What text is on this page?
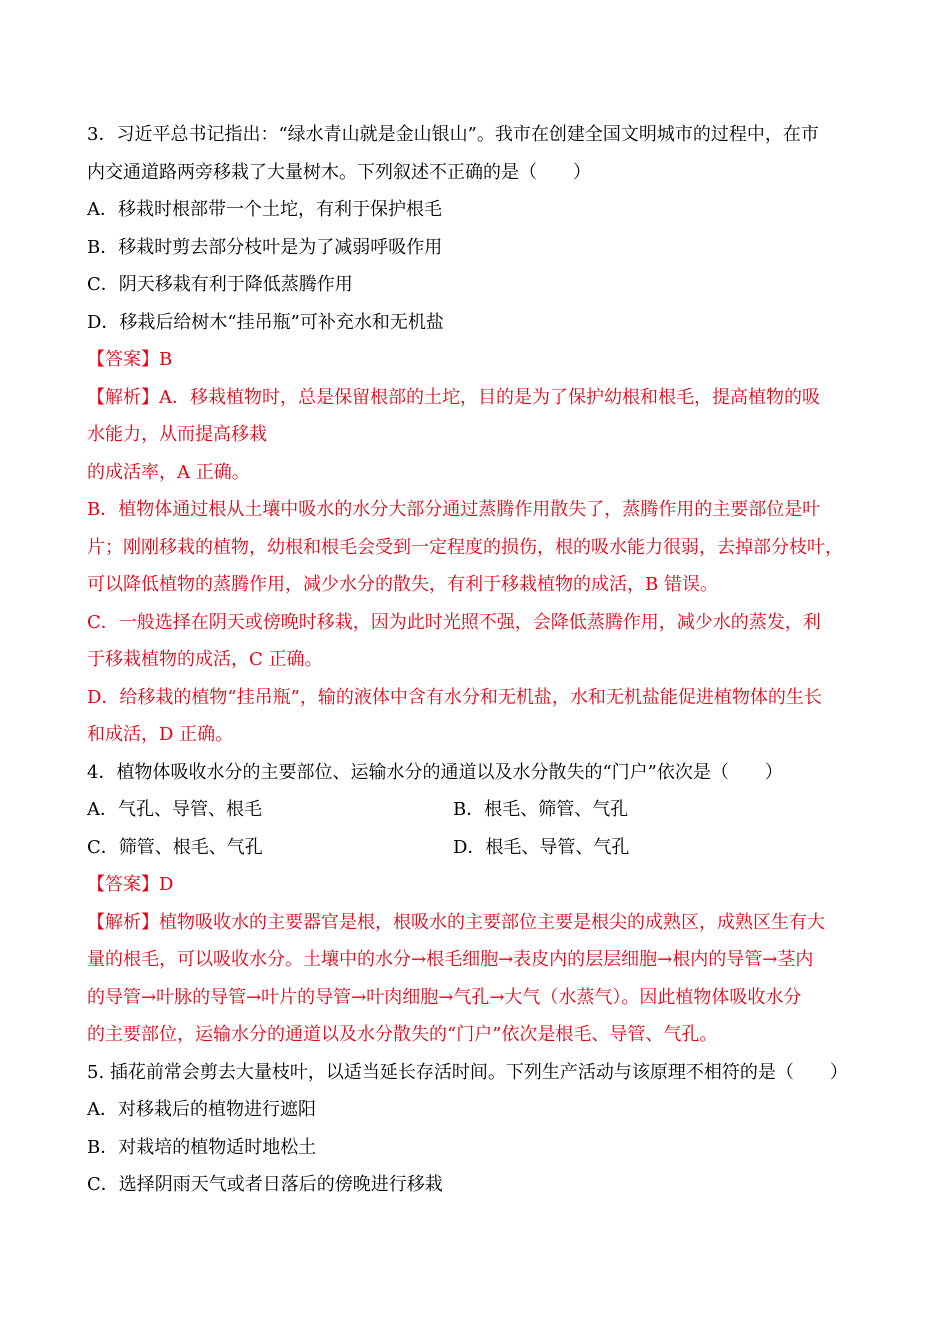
3．习近平总书记指出：“绿水青山就是金山银山”。我市在创建全国文明城市的过程中，在市
内交通道路两旁移栽了大量树木。下列叙述不正确的是（　　）
A．移栽时根部带一个土坨，有利于保护根毛
B．移栽时剪去部分枝叶是为了减弱呼吸作用
C．阴天移栽有利于降低蒸腾作用
D．移栽后给树木“挂吊瓶”可补充水和无机盐
【答案】B
【解析】A．移栽植物时，总是保留根部的土坨，目的是为了保护幼根和根毛，提高植物的吸
水能力，从而提高移栽
的成活率，A 正确。
B．植物体通过根从土壤中吸水的水分大部分通过蒸腾作用散失了，蒸腾作用的主要部位是叶
片；刚刚移栽的植物，幼根和根毛会受到一定程度的损伤，根的吸水能力很弱，去掉部分枝叶，
可以降低植物的蒸腾作用，减少水分的散失，有利于移栽植物的成活，B 错误。
C．一般选择在阴天或傍晚时移栽，因为此时光照不强，会降低蒸腾作用，减少水的蒸发，利
于移栽植物的成活，C 正确。
D．给移栽的植物“挂吊瓶”，输的液体中含有水分和无机盐，水和无机盐能促进植物体的生长
和成活，D 正确。
4．植物体吸收水分的主要部位、运输水分的通道以及水分散失的“门户”依次是（　　）
A．气孔、导管、根毛	B．根毛、筛管、气孔
C．筛管、根毛、气孔	D．根毛、导管、气孔
【答案】D
【解析】植物吸收水的主要器官是根，根吸水的主要部位主要是根尖的成熟区，成熟区生有大
量的根毛，可以吸收水分。土壤中的水分→根毛细胞→表皮内的层层细胞→根内的导管→茎内
的导管→叶脉的导管→叶片的导管→叶肉细胞→气孔→大气（水蒸气）。因此植物体吸收水分
的主要部位，运输水分的通道以及水分散失的“门户”依次是根毛、导管、气孔。
5. 插花前常会剪去大量枝叶，以适当延长存活时间。下列生产活动与该原理不相符的是（　　）
A．对移栽后的植物进行遮阳
B．对栽培的植物适时地松土
C．选择阴雨天气或者日落后的傍晚进行移栽
